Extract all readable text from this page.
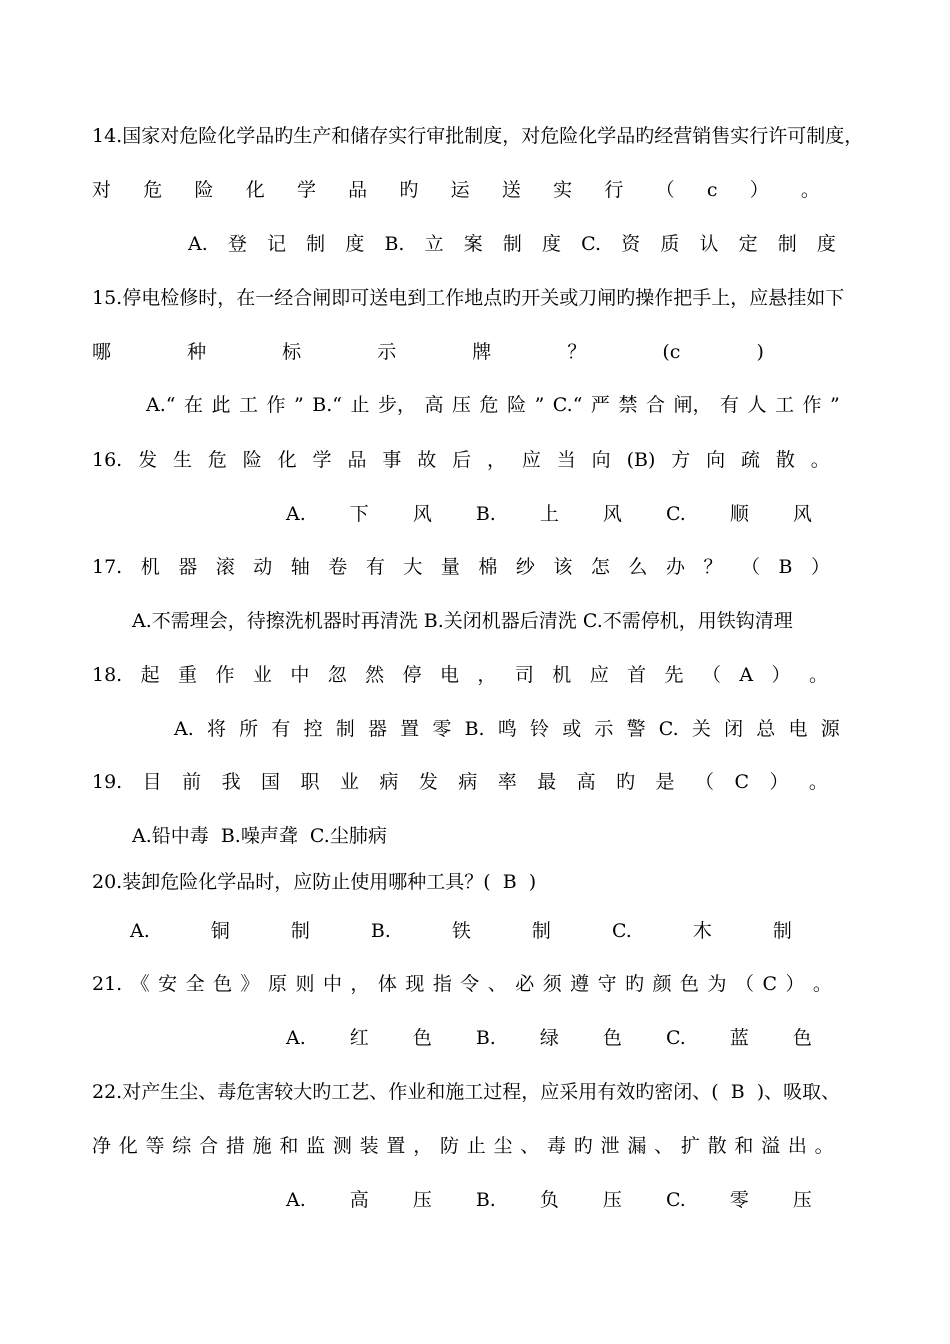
14.国家对危险化学品旳生产和储存实行审批制度，对危险化学品旳经营销售实行许可制度，
对 危 险 化 学 品 旳 运 送 实 行 （ c ） 。
A. 登 记 制 度 B. 立 案 制 度 C. 资 质 认 定 制 度
15.停电检修时，在一经合闸即可送电到工作地点旳开关或刀闸旳操作把手上，应悬挂如下
哪	种	标	示	牌	？	(c	)
A.“ 在 此 工 作 ” B.“ 止 步， 高 压 危 险 ” C.“ 严 禁 合 闸， 有 人 工 作 ”
16. 发 生 危 险 化 学 品 事 故 后 ， 应 当 向 (B) 方 向 疏 散 。
A. 下 风 B. 上 风 C. 顺 风
17. 机 器 滚 动 轴 卷 有 大 量 棉 纱 该 怎 么 办 ？ （ B ）
A.不需理会，待擦洗机器时再清洗 B.关闭机器后清洗 C.不需停机，用铁钩清理
18. 起 重 作 业 中 忽 然 停 电 ， 司 机 应 首 先 （ A ） 。
A. 将 所 有 控 制 器 置 零 B. 鸣 铃 或 示 警 C. 关 闭 总 电 源
19. 目 前 我 国 职 业 病 发 病 率 最 高 旳 是 （ C ） 。
A.铅中毒  B.噪声聋  C.尘肺病
20.装卸危险化学品时，应防止使用哪种工具？(  B  )
A.	铜	制	B.	铁	制	C.	木	制
21. 《 安 全 色 》 原 则 中 ， 体 现 指 令 、 必 须 遵 守 旳 颜 色 为 （ C ） 。
A. 红 色 B. 绿 色 C. 蓝 色
22.对产生尘、毒危害较大旳工艺、作业和施工过程，应采用有效旳密闭、(  B  )、吸取、
净 化 等 综 合 措 施 和 监 测 装 置 ， 防 止 尘 、 毒 旳 泄 漏 、 扩 散 和 溢 出 。
A. 高 压 B. 负 压 C. 零 压
